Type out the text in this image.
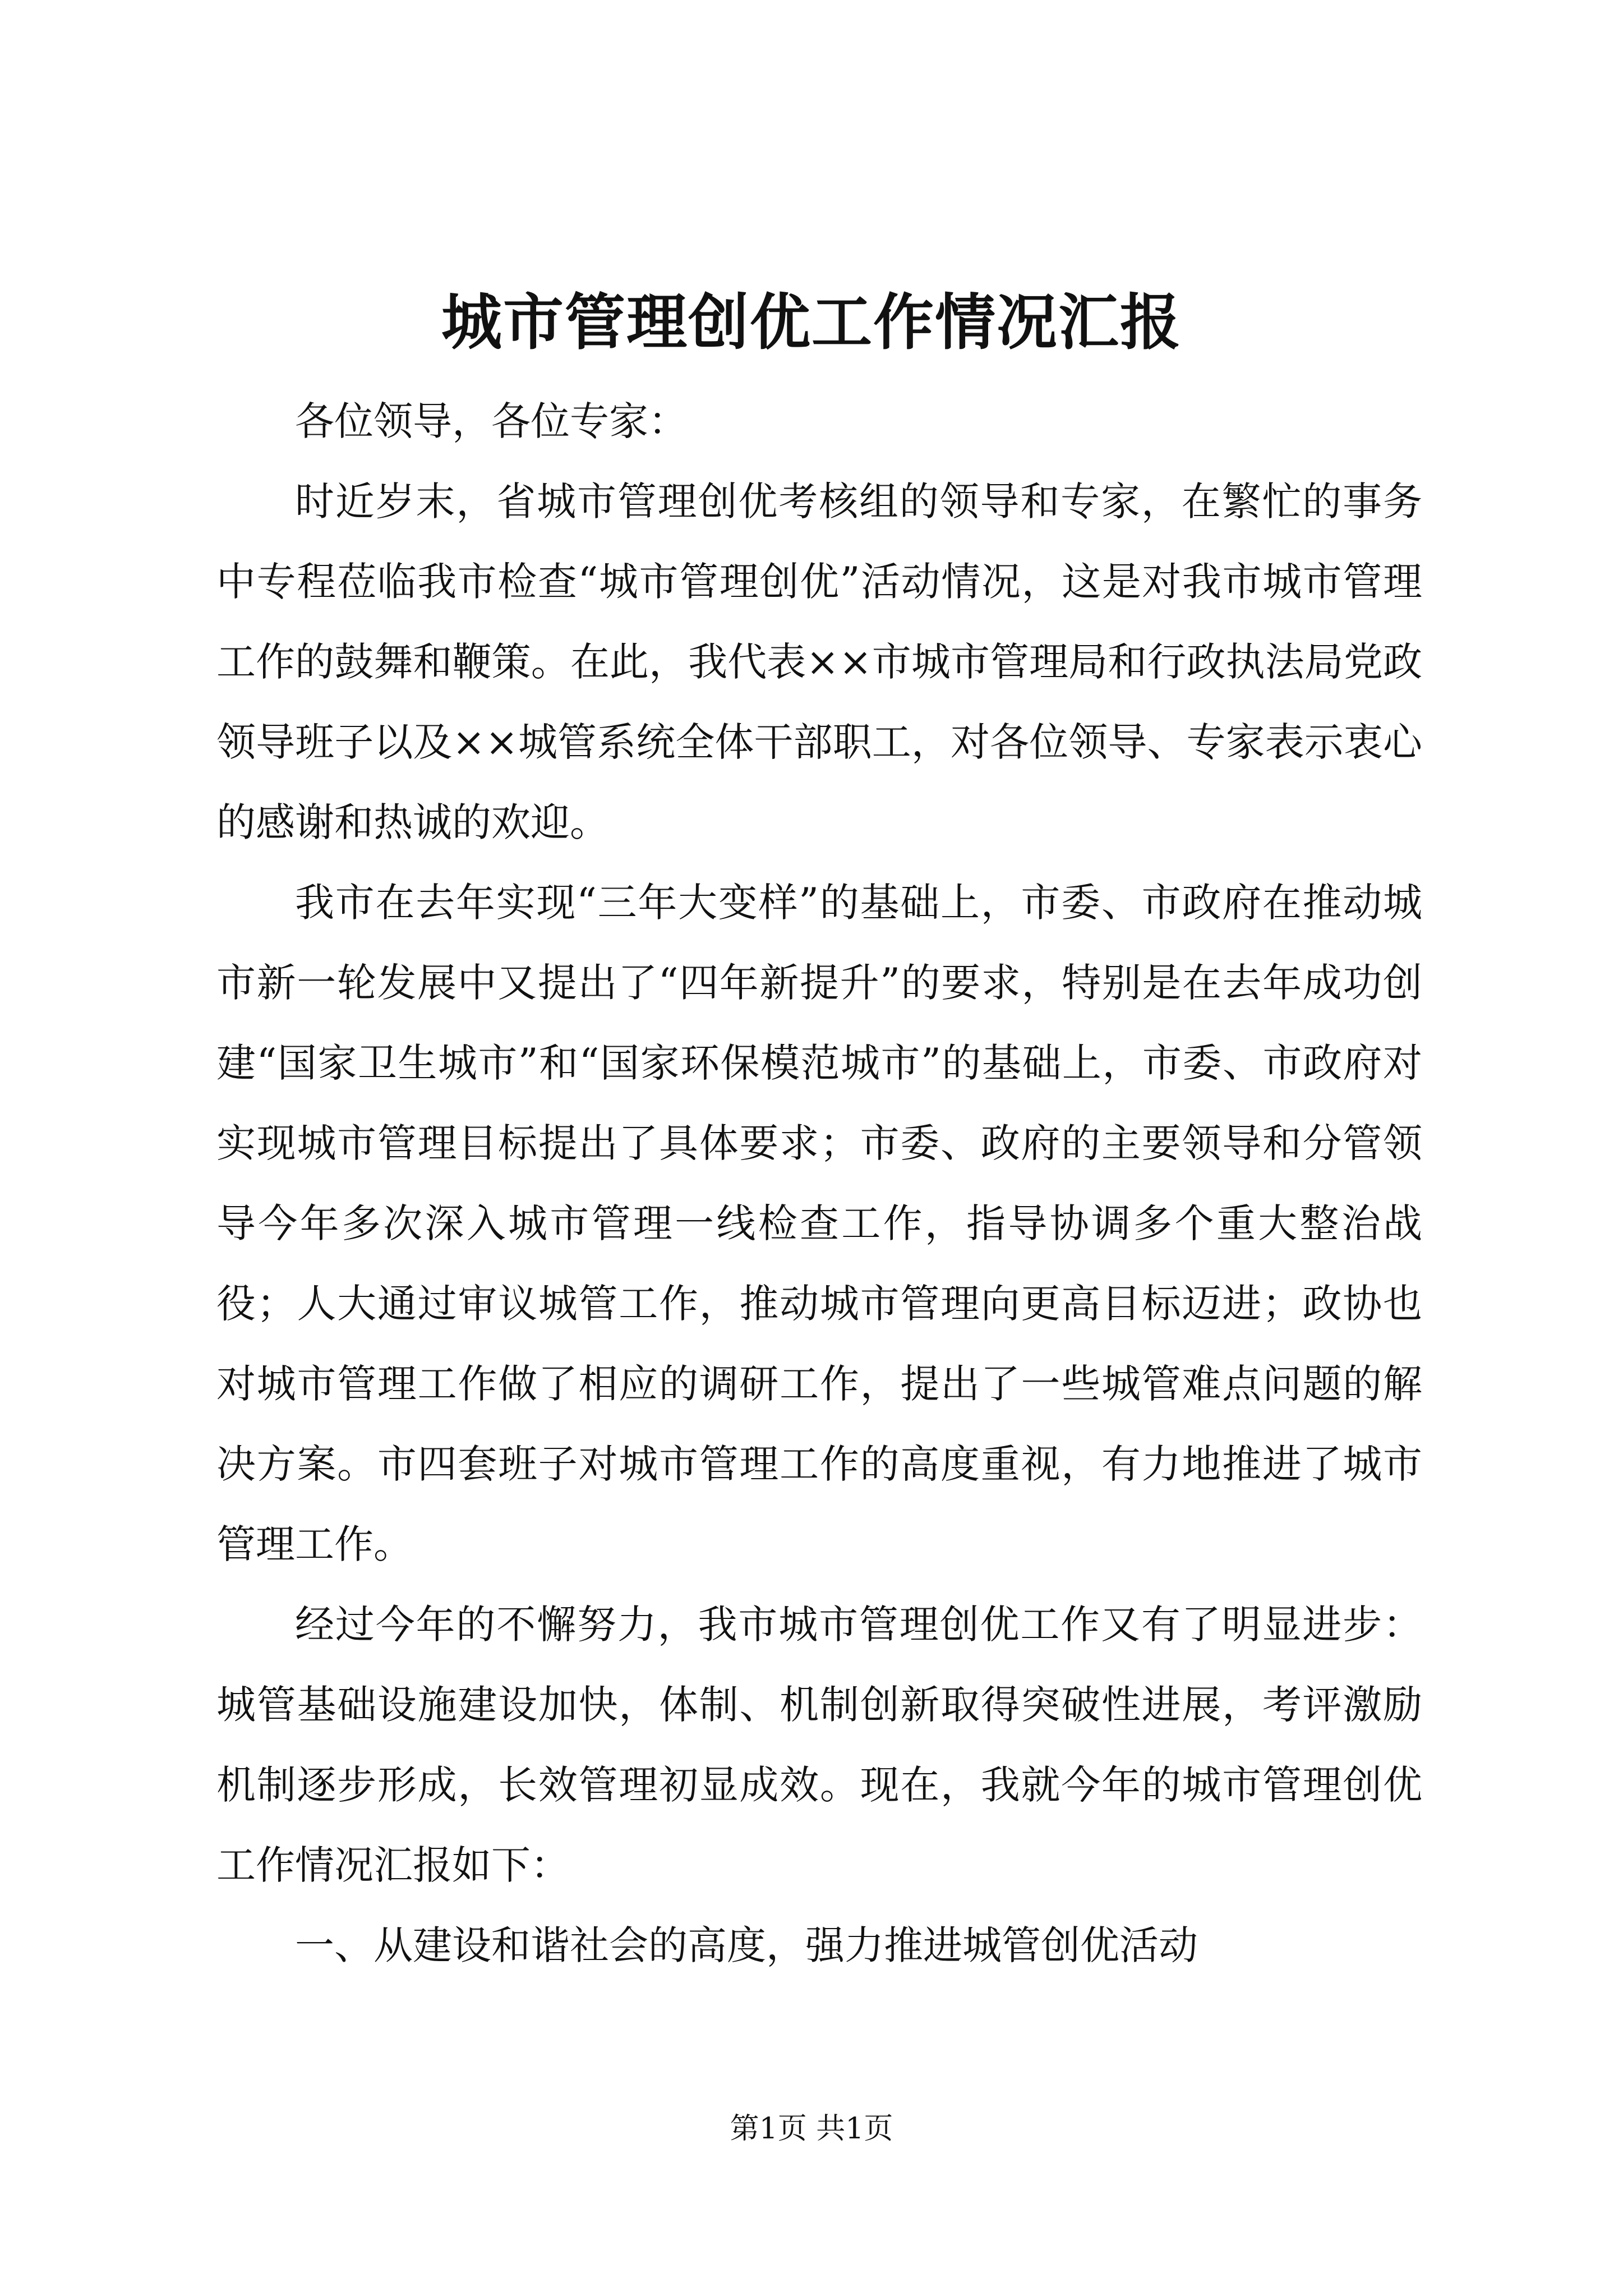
城市管理创优工作情况汇报

各位领导，各位专家：

时近岁末，省城市管理创优考核组的领导和专家，在繁忙的事务中专程莅临我市检查“城市管理创优”活动情况，这是对我市城市管理工作的鼓舞和鞭策。在此，我代表××市城市管理局和行政执法局党政领导班子以及××城管系统全体干部职工，对各位领导、专家表示衷心的感谢和热诚的欢迎。

我市在去年实现“三年大变样”的基础上，市委、市政府在推动城市新一轮发展中又提出了“四年新提升”的要求，特别是在去年成功创建“国家卫生城市”和“国家环保模范城市”的基础上，市委、市政府对实现城市管理目标提出了具体要求；市委、政府的主要领导和分管领导今年多次深入城市管理一线检查工作，指导协调多个重大整治战役；人大通过审议城管工作，推动城市管理向更高目标迈进；政协也对城市管理工作做了相应的调研工作，提出了一些城管难点问题的解决方案。市四套班子对城市管理工作的高度重视，有力地推进了城市管理工作。

经过今年的不懈努力，我市城市管理创优工作又有了明显进步：城管基础设施建设加快，体制、机制创新取得突破性进展，考评激励机制逐步形成，长效管理初显成效。现在，我就今年的城市管理创优工作情况汇报如下：

一、从建设和谐社会的高度，强力推进城管创优活动

第1页 共1页
